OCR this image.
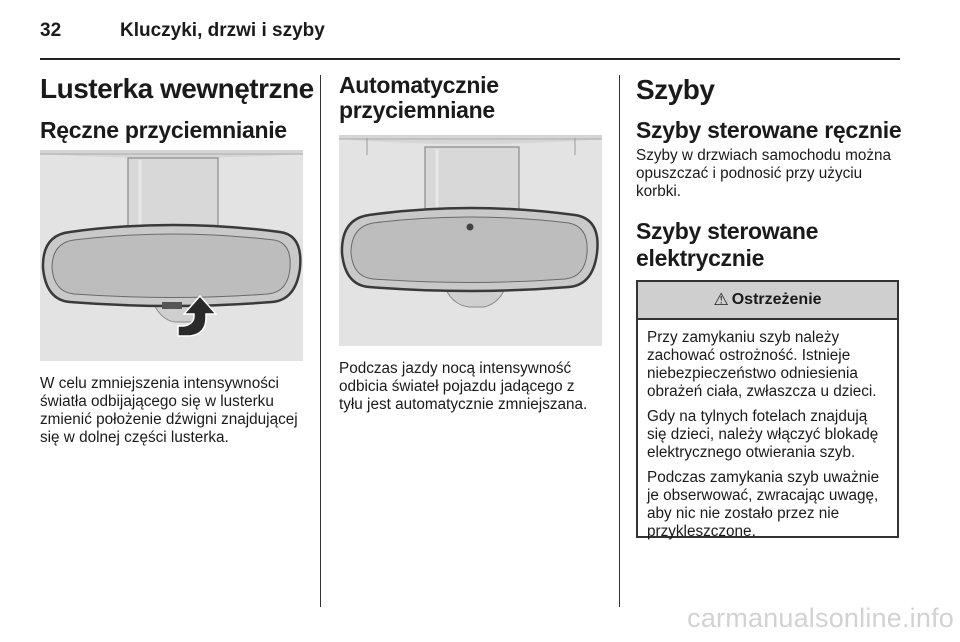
32	Kluczyki, drzwi i szyby
Lusterka wewnętrzne
Ręczne przyciemnianie
W celu zmniejszenia intensywności światła odbijającego się w lusterku zmienić położenie dźwigni znajdującej się w dolnej części lusterka.
Automatycznie przyciemniane
Podczas jazdy nocą intensywność odbicia świateł pojazdu jadącego z tyłu jest automatycznie zmniejszana.
Szyby
Szyby sterowane ręcznie
Szyby w drzwiach samochodu można opuszczać i podnosić przy użyciu korbki.
Szyby sterowane elektrycznie
⚠ Ostrzeżenie

Przy zamykaniu szyb należy zachować ostrożność. Istnieje niebezpieczeństwo odniesienia obrażeń ciała, zwłaszcza u dzieci.

Gdy na tylnych fotelach znajdują się dzieci, należy włączyć blokadę elektrycznego otwierania szyb.

Podczas zamykania szyb uważnie je obserwować, zwracając uwagę, aby nic nie zostało przez nie przykleszczone.

carmanualsonline.info
